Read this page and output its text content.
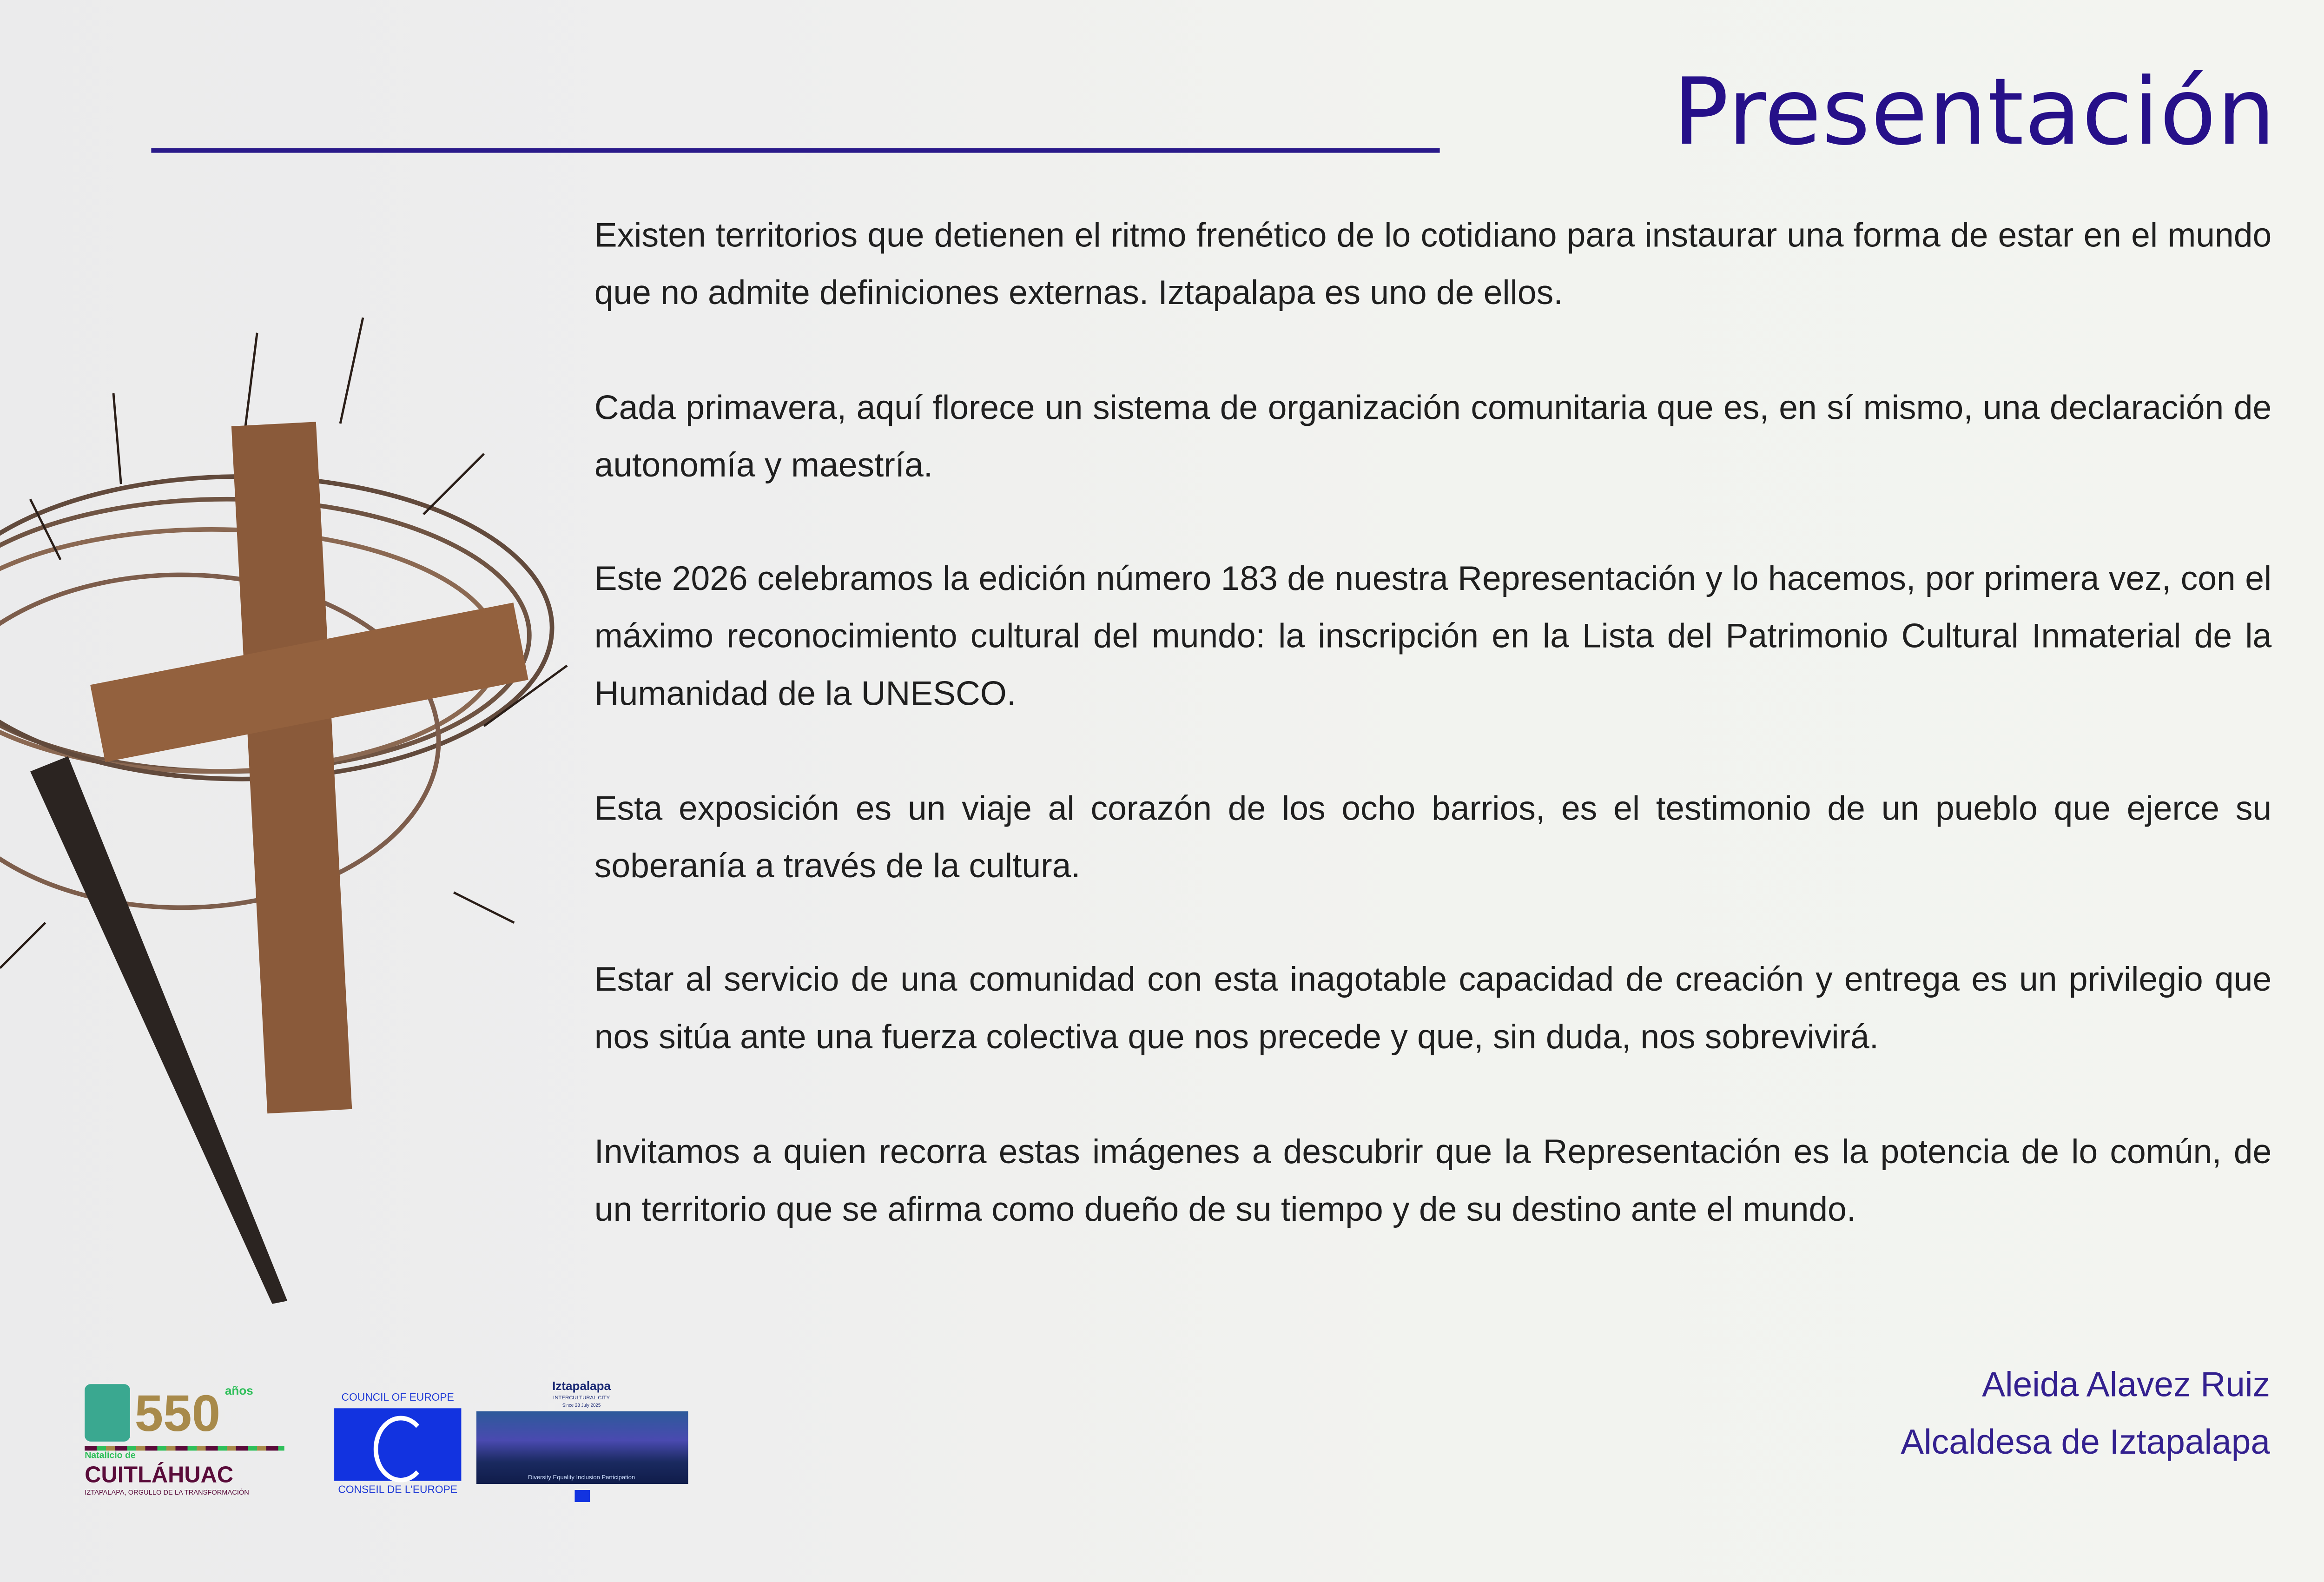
Presentación

Existen territorios que detienen el ritmo frenético de lo cotidiano para instaurar una forma de estar en el mundo que no admite definiciones externas. Iztapalapa es uno de ellos.

Cada primavera, aquí florece un sistema de organización comunitaria que es, en sí mismo, una declaración de autonomía y maestría.

Este 2026 celebramos la edición número 183 de nuestra Representación y lo hacemos, por primera vez, con el máximo reconocimiento cultural del mundo: la inscripción en la Lista del Patrimonio Cultural Inmaterial de la Humanidad de la UNESCO.

Esta exposición es un viaje al corazón de los ocho barrios, es el testimonio de un pueblo que ejerce su soberanía a través de la cultura.

Estar al servicio de una comunidad con esta inagotable capacidad de creación y entrega es un privilegio que nos sitúa ante una fuerza colectiva que nos precede y que, sin duda, nos sobrevivirá.

Invitamos a quien recorra estas imágenes a descubrir que la Representación es la potencia de lo común, de un territorio que se afirma como dueño de su tiempo y de su destino ante el mundo.

Aleida Alavez Ruiz
Alcaldesa de Iztapalapa
550 años
Natalicio de
CUITLÁHUAC
IZTAPALAPA, ORGULLO DE LA TRANSFORMACIÓN
COUNCIL OF EUROPE
CONSEIL DE L'EUROPE
Iztapalapa
INTERCULTURAL CITY
Since 28 July 2025
Diversity Equality Inclusion Participation
